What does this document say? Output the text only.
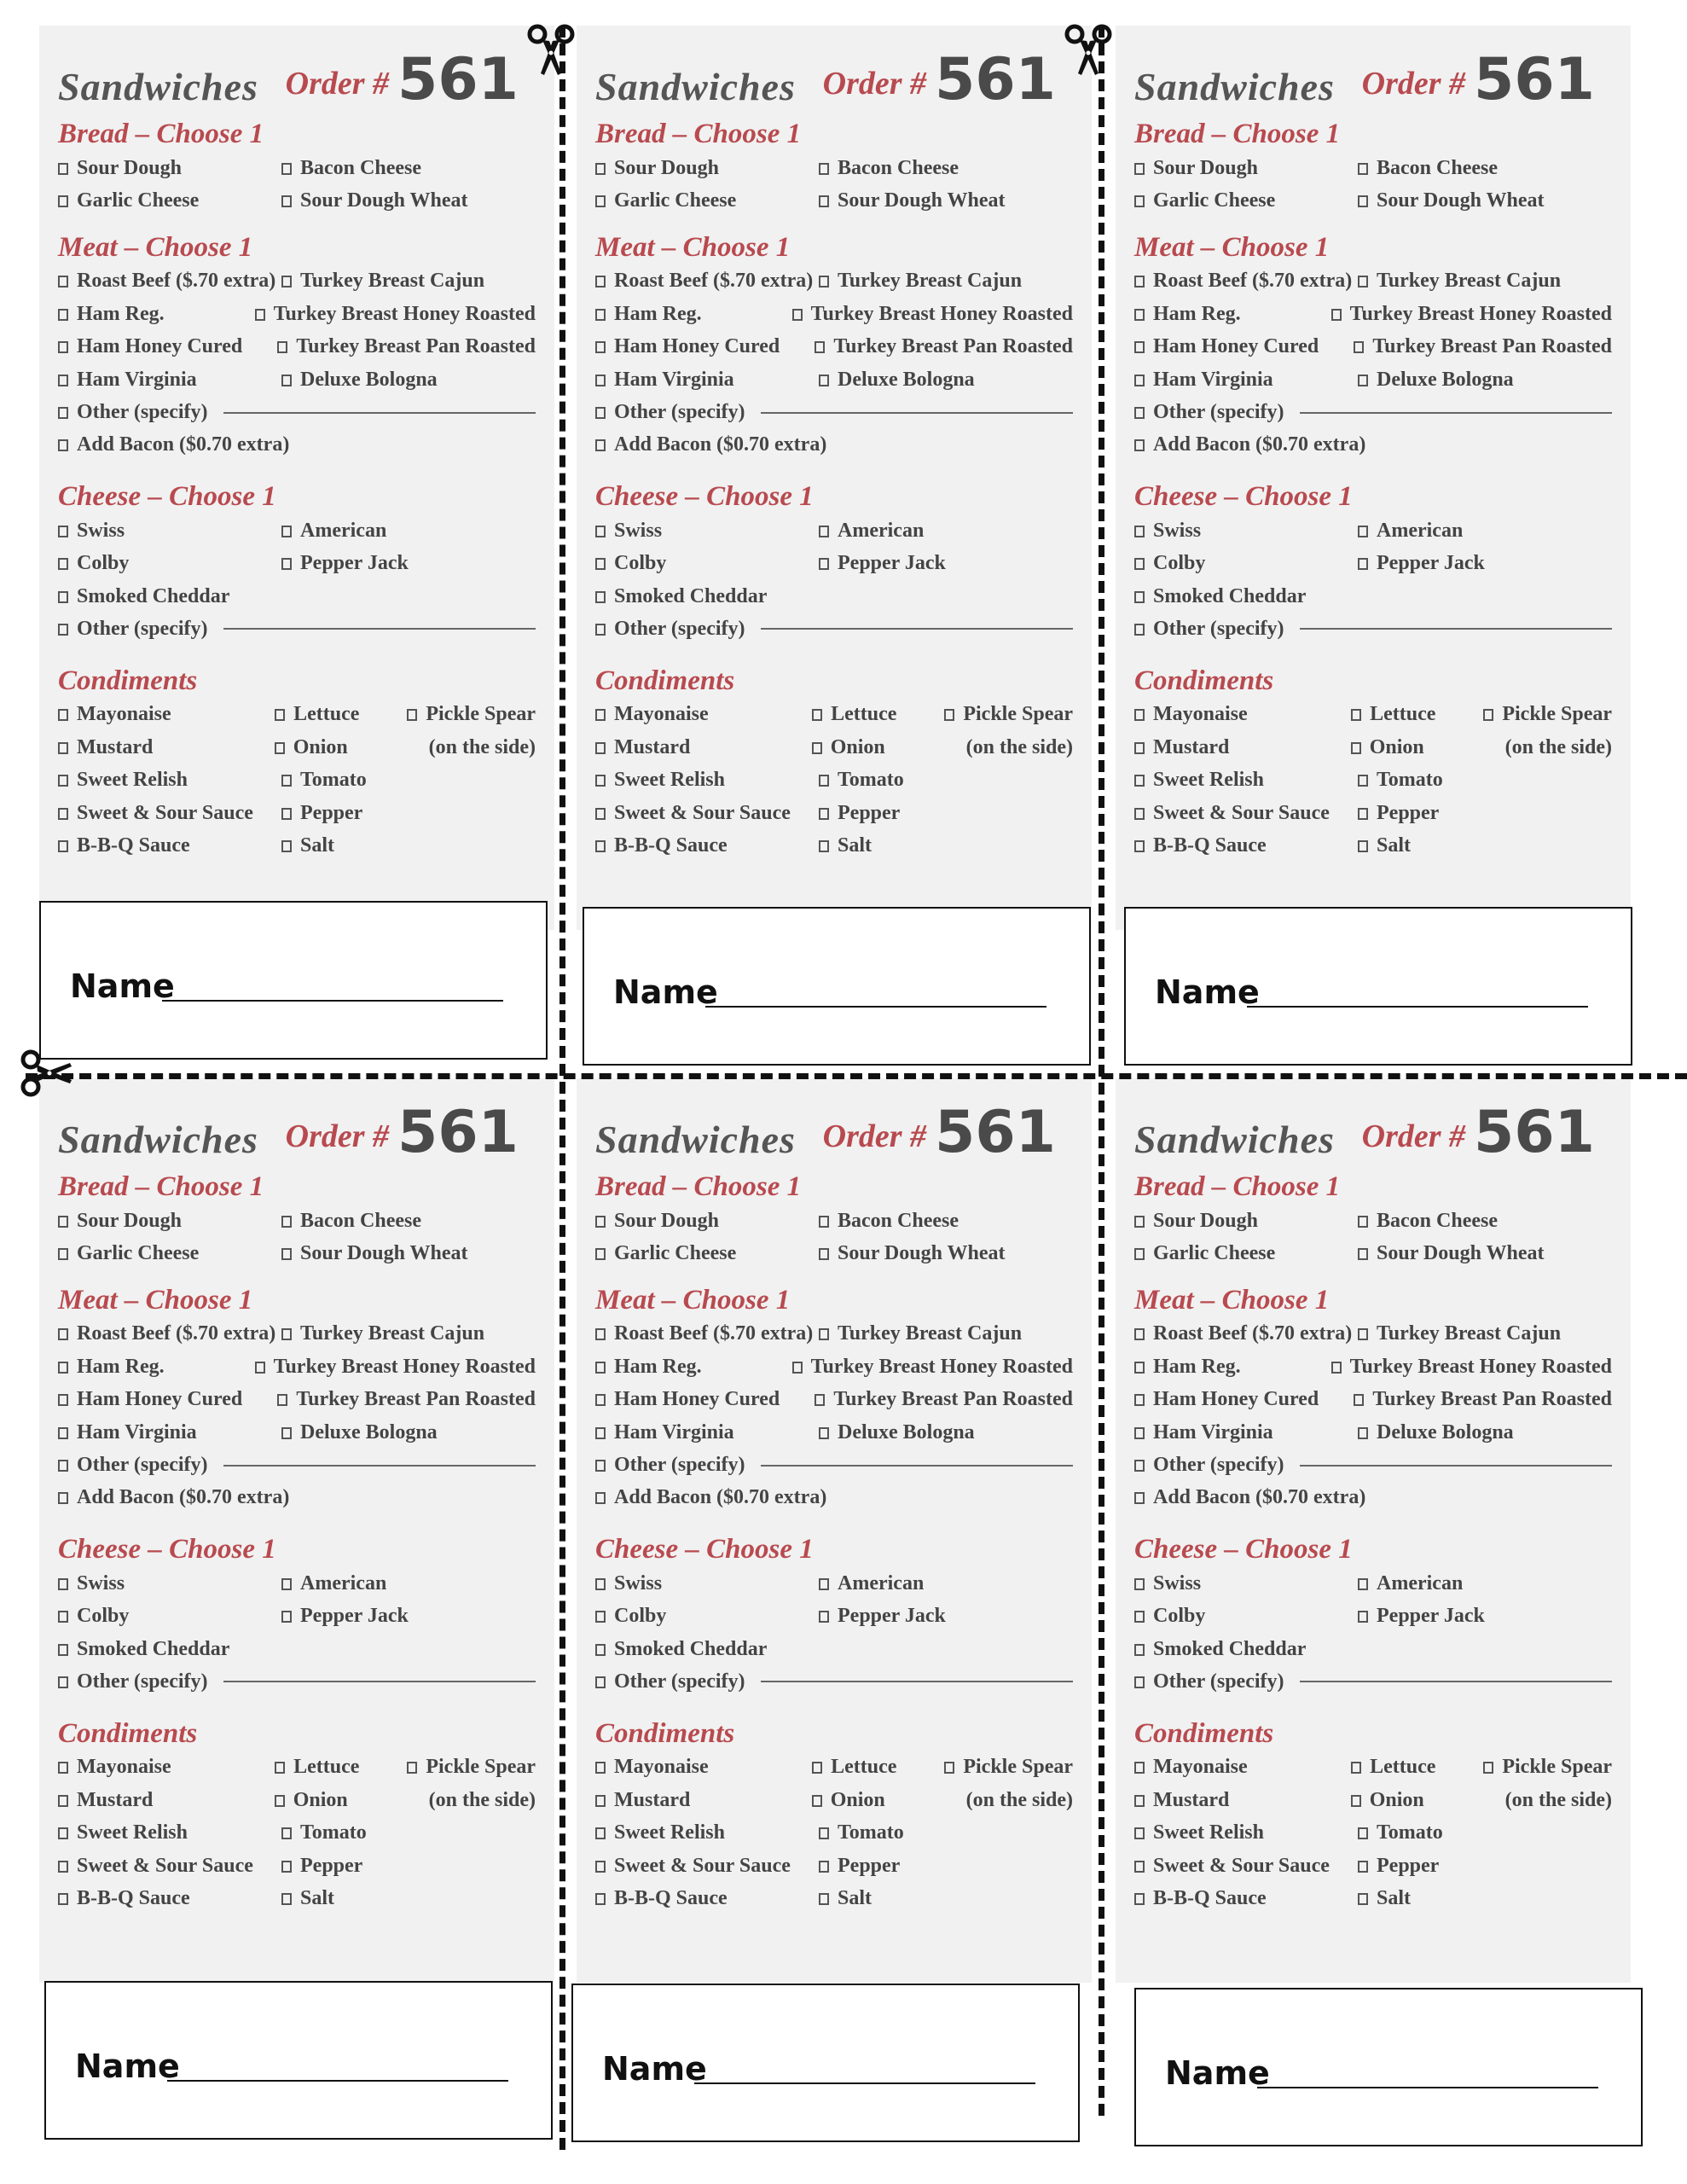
Sandwiches Order # 561
Bread – Choose 1
Sour Dough	Bacon Cheese
Garlic Cheese	Sour Dough Wheat
Meat – Choose 1
Roast Beef ($.70 extra)	Turkey Breast Cajun
Ham Reg.	Turkey Breast Honey Roasted
Ham Honey Cured	Turkey Breast Pan Roasted
Ham Virginia	Deluxe Bologna
Other (specify)
Add Bacon ($0.70 extra)
Cheese – Choose 1
Swiss	American
Colby	Pepper Jack
Smoked Cheddar
Other (specify)
Condiments
Mayonaise	Lettuce	Pickle Spear
Mustard	Onion	(on the side)
Sweet Relish	Tomato
Sweet & Sour Sauce	Pepper
B-B-Q Sauce	Salt
Sandwiches Order # 561
Bread – Choose 1
Sour Dough	Bacon Cheese
Garlic Cheese	Sour Dough Wheat
Meat – Choose 1
Roast Beef ($.70 extra)	Turkey Breast Cajun
Ham Reg.	Turkey Breast Honey Roasted
Ham Honey Cured	Turkey Breast Pan Roasted
Ham Virginia	Deluxe Bologna
Other (specify)
Add Bacon ($0.70 extra)
Cheese – Choose 1
Swiss	American
Colby	Pepper Jack
Smoked Cheddar
Other (specify)
Condiments
Mayonaise	Lettuce	Pickle Spear
Mustard	Onion	(on the side)
Sweet Relish	Tomato
Sweet & Sour Sauce	Pepper
B-B-Q Sauce	Salt
Sandwiches Order # 561
Bread – Choose 1
Sour Dough	Bacon Cheese
Garlic Cheese	Sour Dough Wheat
Meat – Choose 1
Roast Beef ($.70 extra)	Turkey Breast Cajun
Ham Reg.	Turkey Breast Honey Roasted
Ham Honey Cured	Turkey Breast Pan Roasted
Ham Virginia	Deluxe Bologna
Other (specify)
Add Bacon ($0.70 extra)
Cheese – Choose 1
Swiss	American
Colby	Pepper Jack
Smoked Cheddar
Other (specify)
Condiments
Mayonaise	Lettuce	Pickle Spear
Mustard	Onion	(on the side)
Sweet Relish	Tomato
Sweet & Sour Sauce	Pepper
B-B-Q Sauce	Salt
Sandwiches Order # 561
Bread – Choose 1
Sour Dough	Bacon Cheese
Garlic Cheese	Sour Dough Wheat
Meat – Choose 1
Roast Beef ($.70 extra)	Turkey Breast Cajun
Ham Reg.	Turkey Breast Honey Roasted
Ham Honey Cured	Turkey Breast Pan Roasted
Ham Virginia	Deluxe Bologna
Other (specify)
Add Bacon ($0.70 extra)
Cheese – Choose 1
Swiss	American
Colby	Pepper Jack
Smoked Cheddar
Other (specify)
Condiments
Mayonaise	Lettuce	Pickle Spear
Mustard	Onion	(on the side)
Sweet Relish	Tomato
Sweet & Sour Sauce	Pepper
B-B-Q Sauce	Salt
Sandwiches Order # 561
Bread – Choose 1
Sour Dough	Bacon Cheese
Garlic Cheese	Sour Dough Wheat
Meat – Choose 1
Roast Beef ($.70 extra)	Turkey Breast Cajun
Ham Reg.	Turkey Breast Honey Roasted
Ham Honey Cured	Turkey Breast Pan Roasted
Ham Virginia	Deluxe Bologna
Other (specify)
Add Bacon ($0.70 extra)
Cheese – Choose 1
Swiss	American
Colby	Pepper Jack
Smoked Cheddar
Other (specify)
Condiments
Mayonaise	Lettuce	Pickle Spear
Mustard	Onion	(on the side)
Sweet Relish	Tomato
Sweet & Sour Sauce	Pepper
B-B-Q Sauce	Salt
Sandwiches Order # 561
Bread – Choose 1
Sour Dough	Bacon Cheese
Garlic Cheese	Sour Dough Wheat
Meat – Choose 1
Roast Beef ($.70 extra)	Turkey Breast Cajun
Ham Reg.	Turkey Breast Honey Roasted
Ham Honey Cured	Turkey Breast Pan Roasted
Ham Virginia	Deluxe Bologna
Other (specify)
Add Bacon ($0.70 extra)
Cheese – Choose 1
Swiss	American
Colby	Pepper Jack
Smoked Cheddar
Other (specify)
Condiments
Mayonaise	Lettuce	Pickle Spear
Mustard	Onion	(on the side)
Sweet Relish	Tomato
Sweet & Sour Sauce	Pepper
B-B-Q Sauce	Salt
Name	Name	Name
Name	Name	Name
